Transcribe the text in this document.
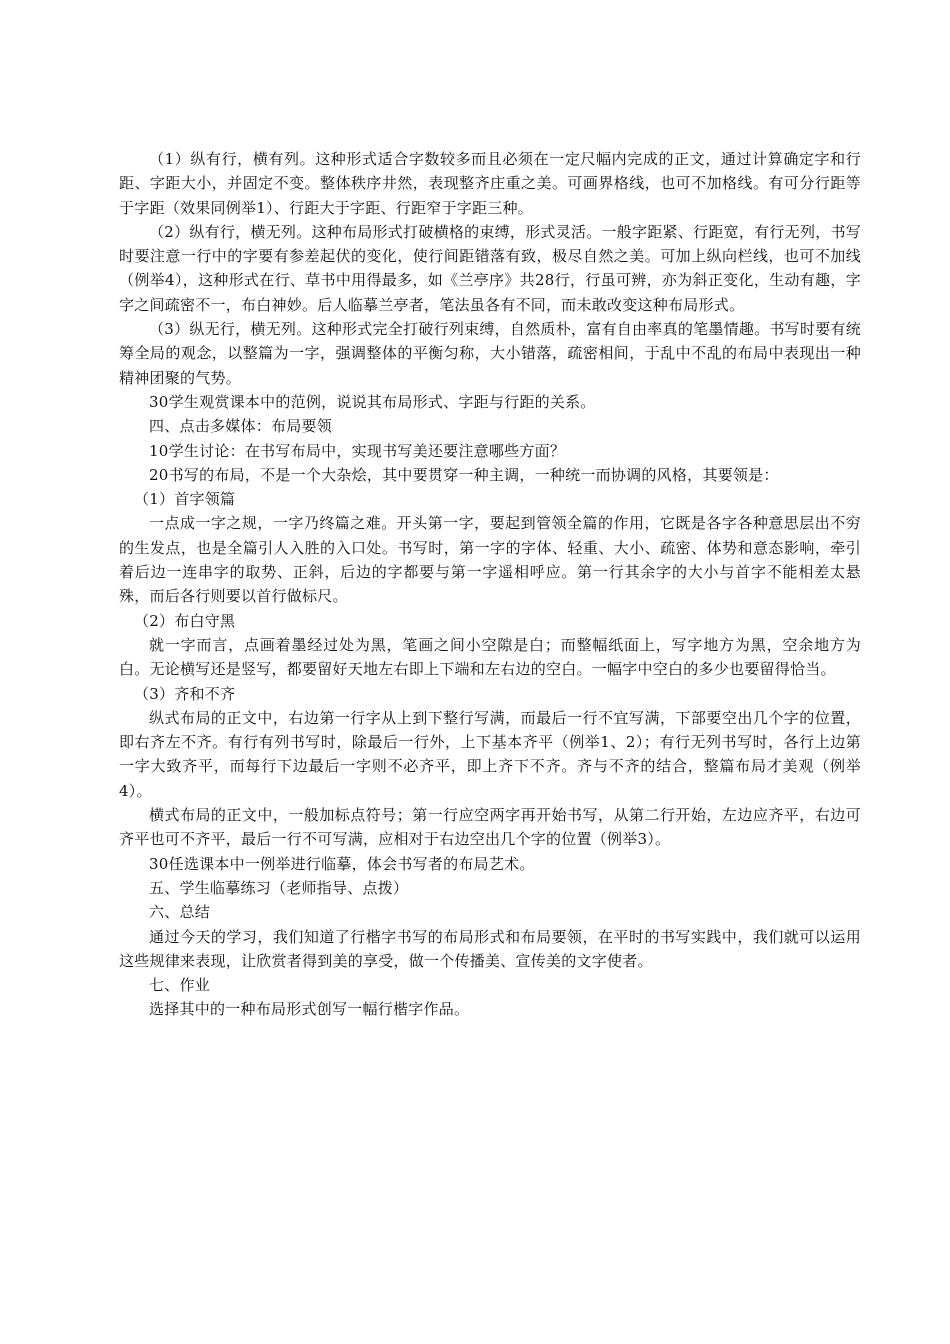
（1）纵有行，横有列。这种形式适合字数较多而且必须在一定尺幅内完成的正文，通过计算确定字和行距、字距大小，并固定不变。整体秩序井然，表现整齐庄重之美。可画界格线，也可不加格线。有可分行距等于字距（效果同例举1）、行距大于字距、行距窄于字距三种。

（2）纵有行，横无列。这种布局形式打破横格的束缚，形式灵活。一般字距紧、行距宽，有行无列，书写时要注意一行中的字要有参差起伏的变化，使行间距错落有致，极尽自然之美。可加上纵向栏线，也可不加线（例举4），这种形式在行、草书中用得最多，如《兰亭序》共28行，行虽可辨，亦为斜正变化，生动有趣，字字之间疏密不一，布白神妙。后人临摹兰亭者，笔法虽各有不同，而未敢改变这种布局形式。

（3）纵无行，横无列。这种形式完全打破行列束缚，自然质朴，富有自由率真的笔墨情趣。书写时要有统筹全局的观念，以整篇为一字，强调整体的平衡匀称，大小错落，疏密相间，于乱中不乱的布局中表现出一种精神团聚的气势。

30学生观赏课本中的范例，说说其布局形式、字距与行距的关系。

四、点击多媒体：布局要领

10学生讨论：在书写布局中，实现书写美还要注意哪些方面？

20书写的布局，不是一个大杂烩，其中要贯穿一种主调，一种统一而协调的风格，其要领是：

（1）首字领篇

一点成一字之规，一字乃终篇之难。开头第一字，要起到管领全篇的作用，它既是各字各种意思层出不穷的生发点，也是全篇引人入胜的入口处。书写时，第一字的字体、轻重、大小、疏密、体势和意态影响，牵引着后边一连串字的取势、正斜，后边的字都要与第一字遥相呼应。第一行其余字的大小与首字不能相差太悬殊，而后各行则要以首行做标尺。

（2）布白守黑

就一字而言，点画着墨经过处为黑，笔画之间小空隙是白；而整幅纸面上，写字地方为黑，空余地方为白。无论横写还是竖写，都要留好天地左右即上下端和左右边的空白。一幅字中空白的多少也要留得恰当。

（3）齐和不齐

纵式布局的正文中，右边第一行字从上到下整行写满，而最后一行不宜写满，下部要空出几个字的位置，即右齐左不齐。有行有列书写时，除最后一行外，上下基本齐平（例举1、2）；有行无列书写时，各行上边第一字大致齐平，而每行下边最后一字则不必齐平，即上齐下不齐。齐与不齐的结合，整篇布局才美观（例举4）。

横式布局的正文中，一般加标点符号；第一行应空两字再开始书写，从第二行开始，左边应齐平，右边可齐平也可不齐平，最后一行不可写满，应相对于右边空出几个字的位置（例举3）。

30任选课本中一例举进行临摹，体会书写者的布局艺术。

五、学生临摹练习（老师指导、点拨）

六、总结

通过今天的学习，我们知道了行楷字书写的布局形式和布局要领，在平时的书写实践中，我们就可以运用这些规律来表现，让欣赏者得到美的享受，做一个传播美、宣传美的文字使者。

七、作业

选择其中的一种布局形式创写一幅行楷字作品。
